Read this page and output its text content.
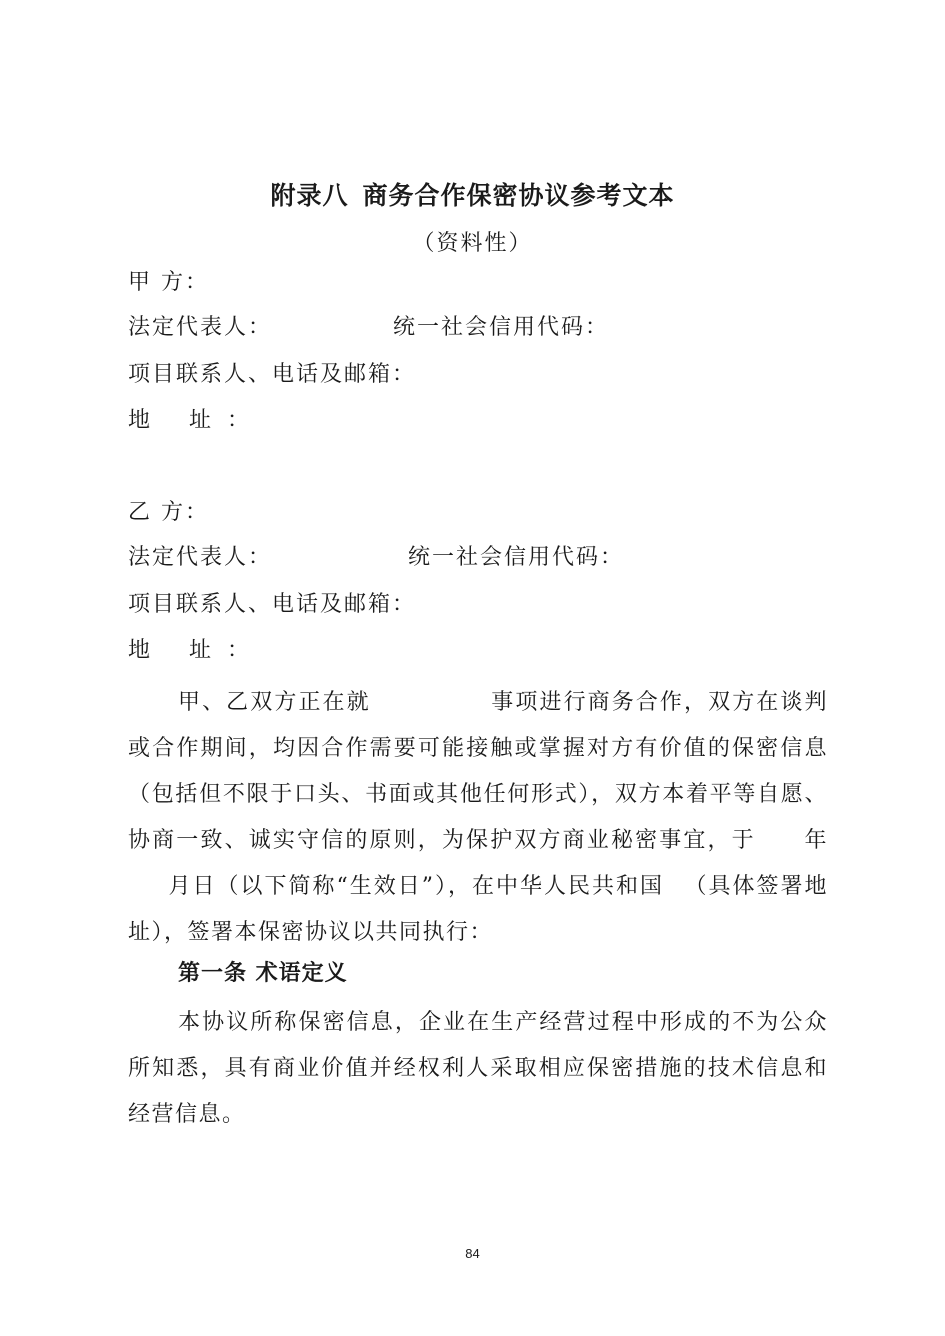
附录八 商务合作保密协议参考文本
（资料性）
甲 方：
法定代表人：	统一社会信用代码：
项目联系人、电话及邮箱：
地 址：
乙 方：
法定代表人：	统一社会信用代码：
项目联系人、电话及邮箱：
地 址：

甲、乙双方正在就	事项进行商务合作，双方在谈判或合作期间，均因合作需要可能接触或掌握对方有价值的保密信息（包括但不限于口头、书面或其他任何形式），双方本着平等自愿、协商一致、诚实守信的原则，为保护双方商业秘密事宜，于 年月日（以下简称“生效日”），在中华人民共和国 （具体签署地址），签署本保密协议以共同执行：

第一条 术语定义

本协议所称保密信息，企业在生产经营过程中形成的不为公众所知悉，具有商业价值并经权利人采取相应保密措施的技术信息和经营信息。

84
